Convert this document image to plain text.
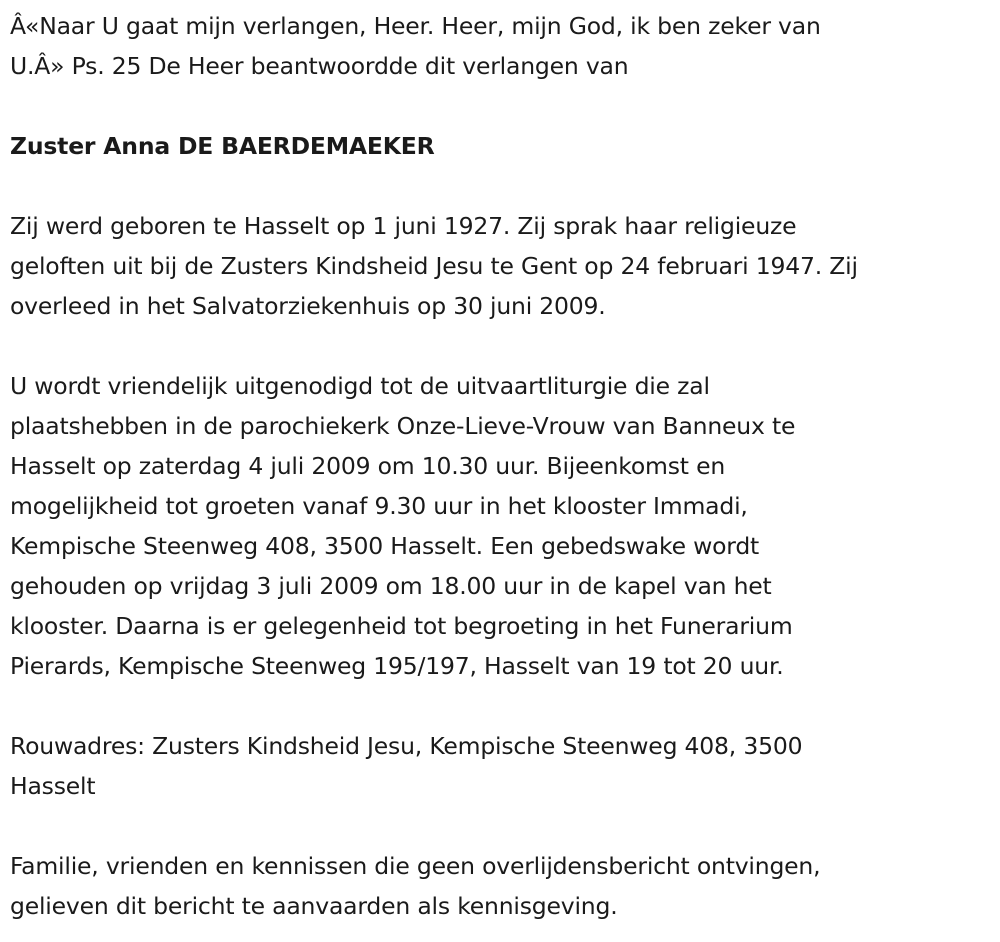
Â«Naar U gaat mijn verlangen, Heer. Heer, mijn God, ik ben zeker van
U.Â» Ps. 25 De Heer beantwoordde dit verlangen van

Zuster Anna DE BAERDEMAEKER

Zij werd geboren te Hasselt op 1 juni 1927. Zij sprak haar religieuze
geloften uit bij de Zusters Kindsheid Jesu te Gent op 24 februari 1947. Zij
overleed in het Salvatorziekenhuis op 30 juni 2009.

U wordt vriendelijk uitgenodigd tot de uitvaartliturgie die zal
plaatshebben in de parochiekerk Onze-Lieve-Vrouw van Banneux te
Hasselt op zaterdag 4 juli 2009 om 10.30 uur. Bijeenkomst en
mogelijkheid tot groeten vanaf 9.30 uur in het klooster Immadi,
Kempische Steenweg 408, 3500 Hasselt. Een gebedswake wordt
gehouden op vrijdag 3 juli 2009 om 18.00 uur in de kapel van het
klooster. Daarna is er gelegenheid tot begroeting in het Funerarium
Pierards, Kempische Steenweg 195/197, Hasselt van 19 tot 20 uur.

Rouwadres: Zusters Kindsheid Jesu, Kempische Steenweg 408, 3500
Hasselt

Familie, vrienden en kennissen die geen overlijdensbericht ontvingen,
gelieven dit bericht te aanvaarden als kennisgeving.
